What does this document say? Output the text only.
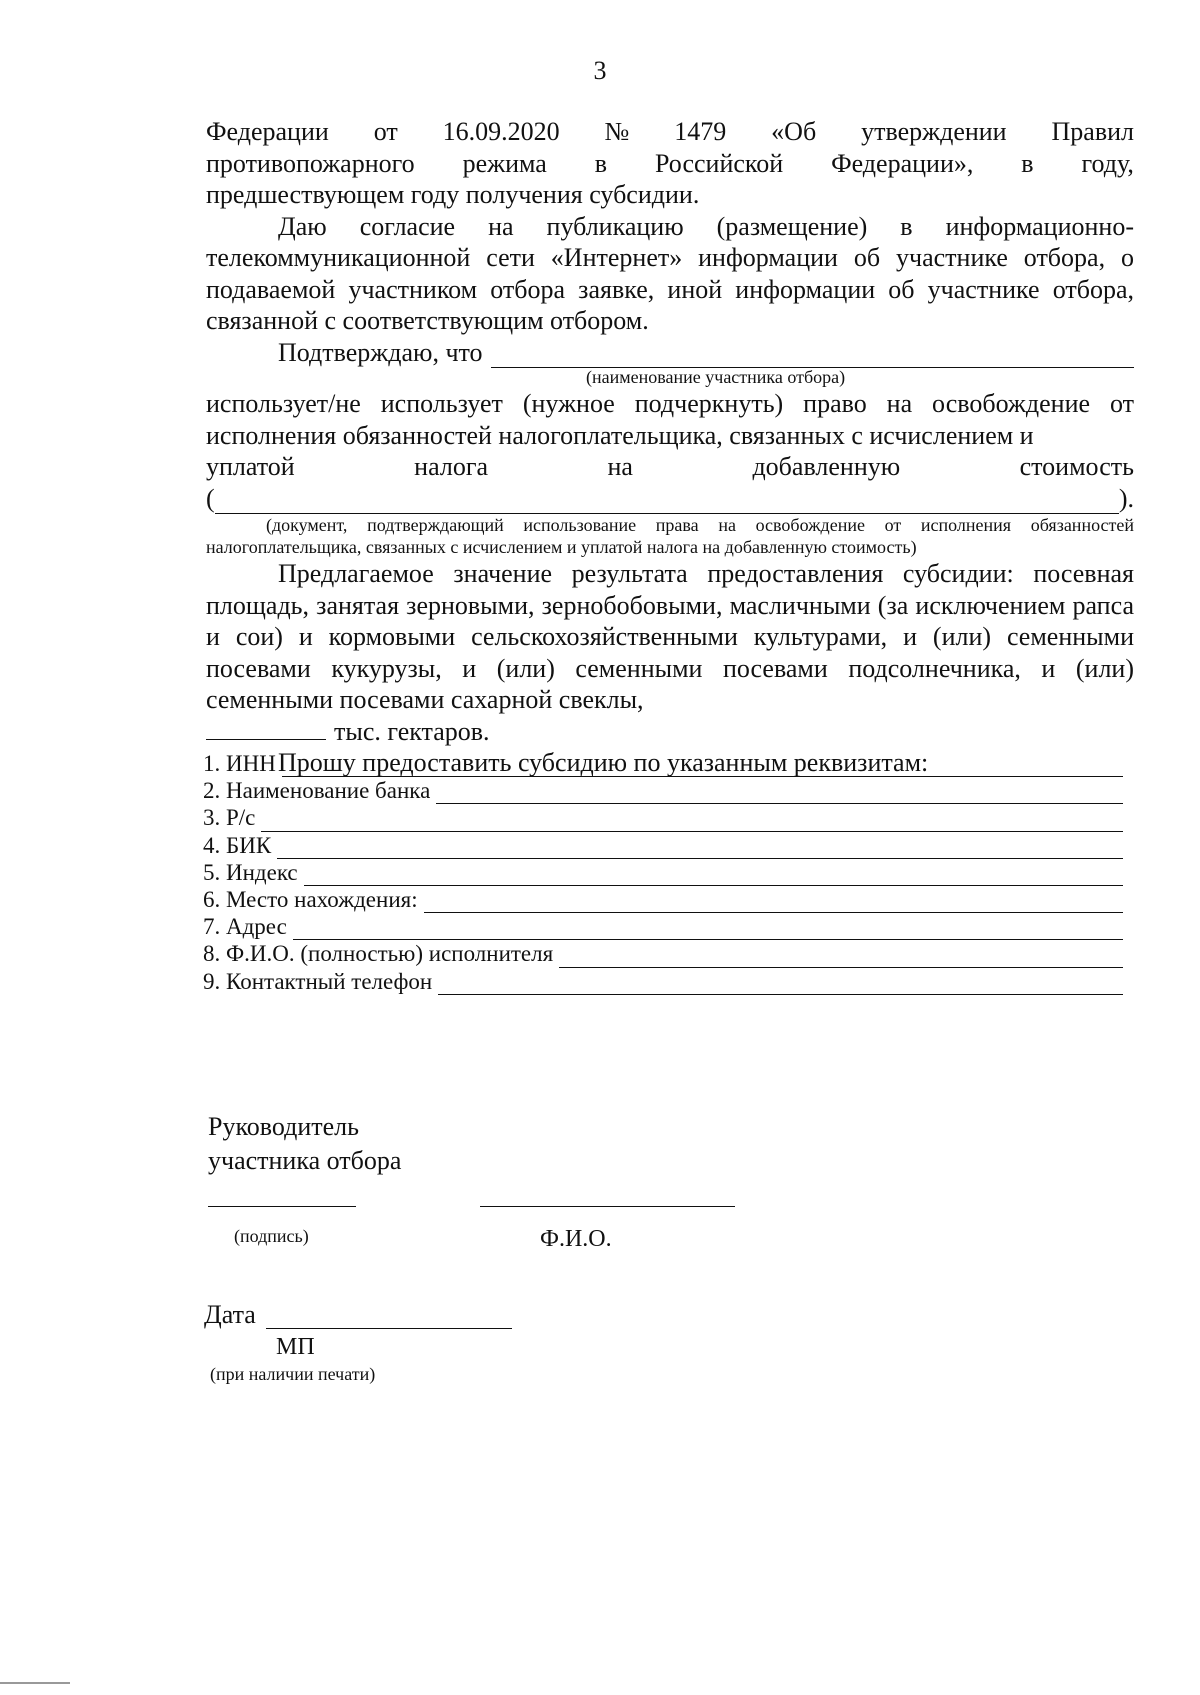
3
Федерации от 16.09.2020 № 1479 «Об утверждении Правил
противопожарного режима в Российской Федерации», в году,

предшествующем году получения субсидии.

Даю согласие на публикацию (размещение) в информационно-телекоммуникационной сети «Интернет» информации об участнике отбора, о подаваемой участником отбора заявке, иной информации об участнике отбора, связанной с соответствующим отбором.

Подтверждаю, что
(наименование участника отбора)

использует/не использует (нужное подчеркнуть) право на освобождение от исполнения обязанностей налогоплательщика, связанных с исчислением и

уплатой	налога	на	добавленную	стоимость
(	).
(документ, подтверждающий использование права на освобождение от исполнения обязанностей налогоплательщика, связанных с исчислением и уплатой налога на добавленную стоимость)

Предлагаемое значение результата предоставления субсидии: посевная площадь, занятая зерновыми, зернобобовыми, масличными (за исключением рапса и сои) и кормовыми сельскохозяйственными культурами, и (или) семенными посевами кукурузы, и (или) семенными посевами подсолнечника, и (или) семенными посевами сахарной свеклы,

тыс. гектаров.

Прошу предоставить субсидию по указанным реквизитам:

1. ИНН
2. Наименование банка
3. Р/с
4. БИК
5. Индекс
6. Место нахождения:
7. Адрес
8. Ф.И.О. (полностью) исполнителя
9. Контактный телефон
Руководитель
участника отбора
(подпись)	Ф.И.О.
Дата
МП
(при наличии печати)
